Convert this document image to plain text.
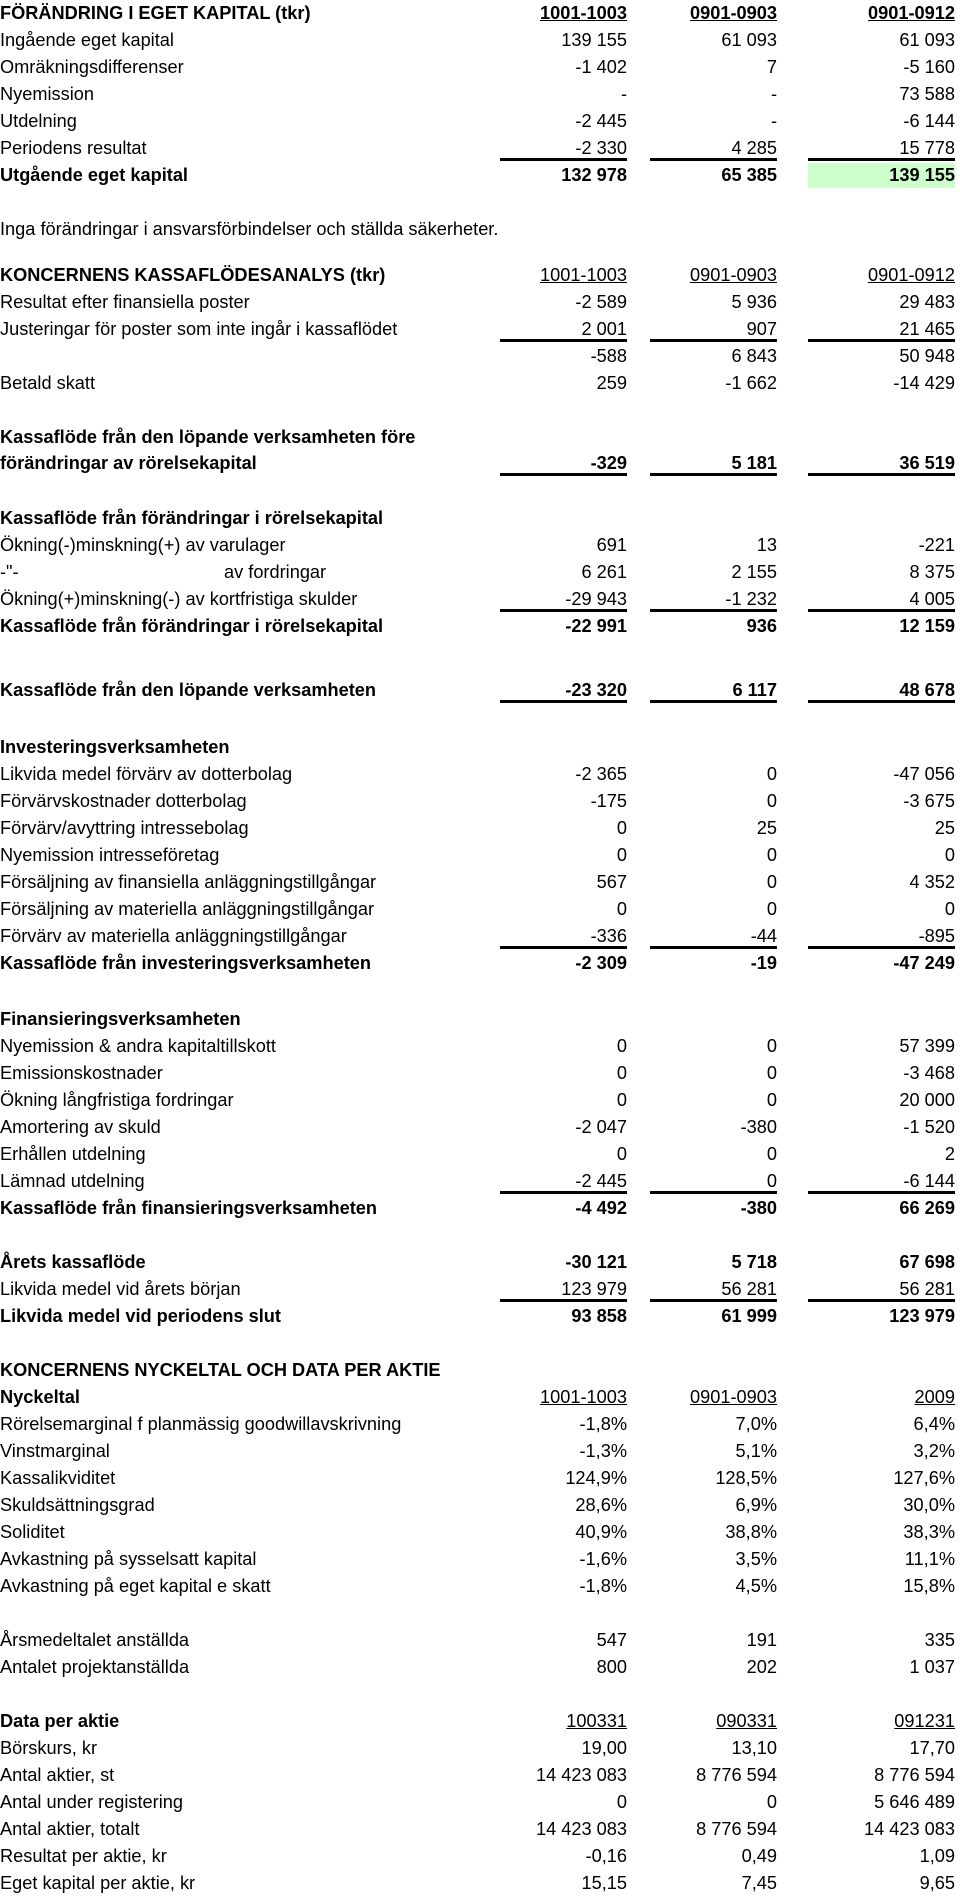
FÖRÄNDRING I EGET KAPITAL (tkr)	1001-1003	0901-0903	0901-0912
Ingående eget kapital	139 155	61 093	61 093
Omräkningsdifferenser	-1 402	7	-5 160
Nyemission	-	-	73 588
Utdelning	-2 445	-	-6 144
Periodens resultat	-2 330	4 285	15 778
Utgående eget kapital	132 978	65 385	139 155
Inga förändringar i ansvarsförbindelser och ställda säkerheter.
KONCERNENS KASSAFLÖDESANALYS (tkr)	1001-1003	0901-0903	0901-0912
Resultat efter finansiella poster	-2 589	5 936	29 483
Justeringar för poster som inte ingår i kassaflödet	2 001	907	21 465
-588	6 843	50 948
Betald skatt	259	-1 662	-14 429
Kassaflöde från den löpande verksamheten före
förändringar av rörelsekapital	-329	5 181	36 519
Kassaflöde från förändringar i rörelsekapital
Ökning(-)minskning(+) av varulager	691	13	-221
-"-	av fordringar	6 261	2 155	8 375
Ökning(+)minskning(-) av kortfristiga skulder	-29 943	-1 232	4 005
Kassaflöde från förändringar i rörelsekapital	-22 991	936	12 159
Kassaflöde från den löpande verksamheten	-23 320	6 117	48 678
Investeringsverksamheten
Likvida medel förvärv av dotterbolag	-2 365	0	-47 056
Förvärvskostnader dotterbolag	-175	0	-3 675
Förvärv/avyttring intressebolag	0	25	25
Nyemission intresseföretag	0	0	0
Försäljning av finansiella anläggningstillgångar	567	0	4 352
Försäljning av materiella anläggningstillgångar	0	0	0
Förvärv av materiella anläggningstillgångar	-336	-44	-895
Kassaflöde från investeringsverksamheten	-2 309	-19	-47 249
Finansieringsverksamheten
Nyemission & andra kapitaltillskott	0	0	57 399
Emissionskostnader	0	0	-3 468
Ökning långfristiga fordringar	0	0	20 000
Amortering av skuld	-2 047	-380	-1 520
Erhållen utdelning	0	0	2
Lämnad utdelning	-2 445	0	-6 144
Kassaflöde från finansieringsverksamheten	-4 492	-380	66 269
Årets kassaflöde	-30 121	5 718	67 698
Likvida medel vid årets början	123 979	56 281	56 281
Likvida medel vid periodens slut	93 858	61 999	123 979
KONCERNENS NYCKELTAL OCH DATA PER AKTIE
Nyckeltal	1001-1003	0901-0903	2009
Rörelsemarginal f planmässig goodwillavskrivning	-1,8%	7,0%	6,4%
Vinstmarginal	-1,3%	5,1%	3,2%
Kassalikviditet	124,9%	128,5%	127,6%
Skuldsättningsgrad	28,6%	6,9%	30,0%
Soliditet	40,9%	38,8%	38,3%
Avkastning på sysselsatt kapital	-1,6%	3,5%	11,1%
Avkastning på eget kapital e skatt	-1,8%	4,5%	15,8%
Årsmedeltalet anställda	547	191	335
Antalet projektanställda	800	202	1 037
Data per aktie	100331	090331	091231
Börskurs, kr	19,00	13,10	17,70
Antal aktier, st	14 423 083	8 776 594	8 776 594
Antal under registering	0	0	5 646 489
Antal aktier, totalt	14 423 083	8 776 594	14 423 083
Resultat per aktie, kr	-0,16	0,49	1,09
Eget kapital per aktie, kr	15,15	7,45	9,65
